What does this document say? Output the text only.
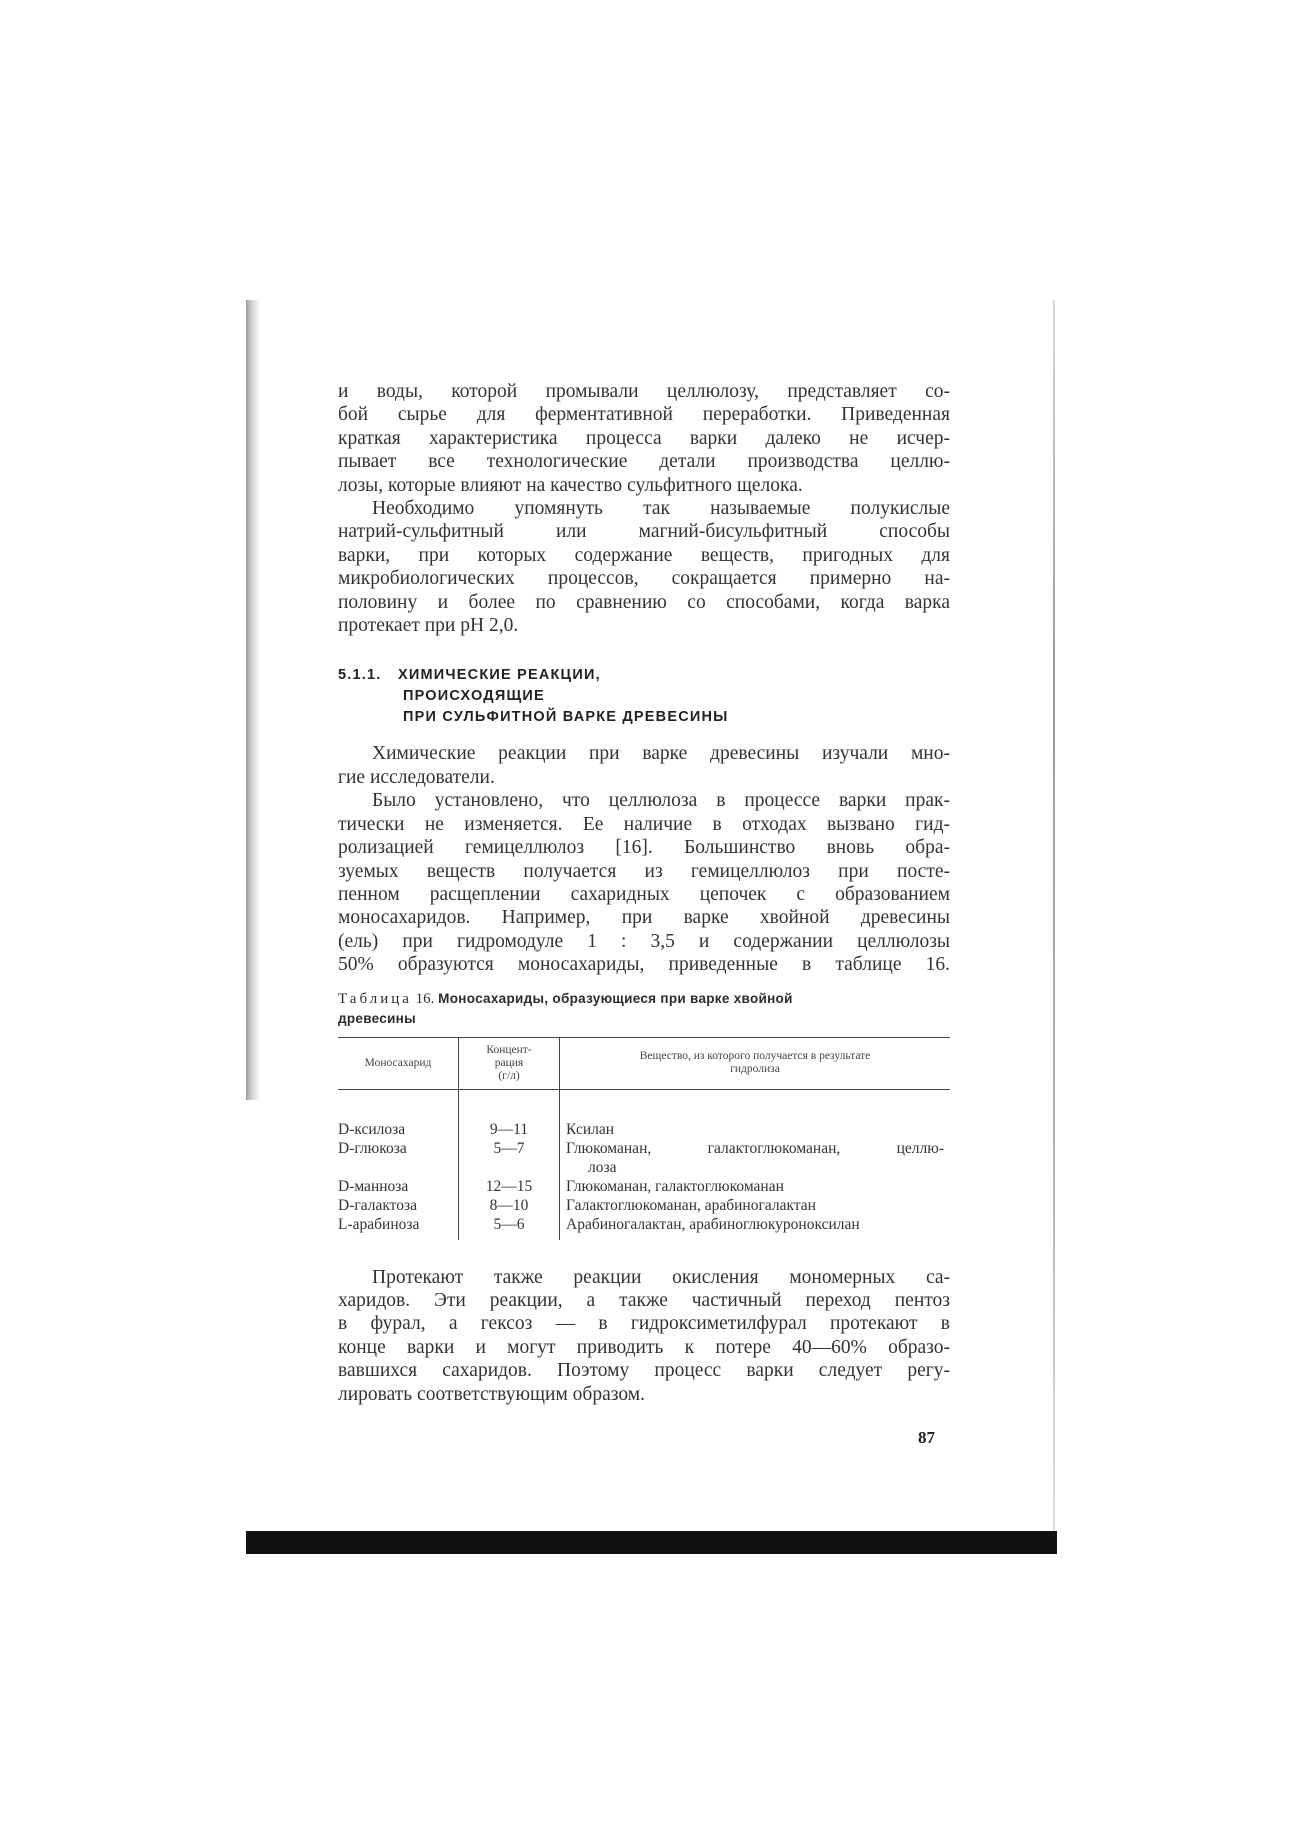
и воды, которой промывали целлюлозу, представляет со-
бой сырье для ферментативной переработки. Приведенная
краткая характеристика процесса варки далеко не исчер-
пывает все технологические детали производства целлю-
лозы, которые влияют на качество сульфитного щелока.

Необходимо упомянуть так называемые полукислые
натрий-сульфитный или магний-бисульфитный способы
варки, при которых содержание веществ, пригодных для
микробиологических процессов, сокращается примерно на-
половину и более по сравнению со способами, когда варка
протекает при pH 2,0.

5.1.1. ХИМИЧЕСКИЕ РЕАКЦИИ,
ПРОИСХОДЯЩИЕ
ПРИ СУЛЬФИТНОЙ ВАРКЕ ДРЕВЕСИНЫ

Химические реакции при варке древесины изучали мно-
гие исследователи.

Было установлено, что целлюлоза в процессе варки прак-
тически не изменяется. Ее наличие в отходах вызвано гид-
ролизацией гемицеллюлоз [16]. Большинство вновь обра-
зуемых веществ получается из гемицеллюлоз при посте-
пенном расщеплении сахаридных цепочек с образованием
моносахаридов. Например, при варке хвойной древесины
(ель) при гидромодуле 1 : 3,5 и содержании целлюлозы
50% образуются моносахариды, приведенные в таблице 16.

Таблица 16. Моносахариды, образующиеся при варке хвойной
древесины
Моносахарид	Концент-
рация
(г/л)	Вещество, из которого получается в результате
гидролиза

D-ксилоза	9—11	Ксилан
D-глюкоза	5—7	Глюкоманан, галактоглюкоманан, целлю-
лоза

D-манноза	12—15	Глюкоманан, галактоглюкоманан
D-галактоза	8—10	Галактоглюкоманан, арабиногалактан
L-арабиноза	5—6	Арабиногалактан, арабиноглюкуроноксилан

Протекают также реакции окисления мономерных са-
харидов. Эти реакции, а также частичный переход пентоз
в фурал, а гексоз — в гидроксиметилфурал протекают в
конце варки и могут приводить к потере 40—60% образо-
вавшихся сахаридов. Поэтому процесс варки следует регу-
лировать соответствующим образом.

87
